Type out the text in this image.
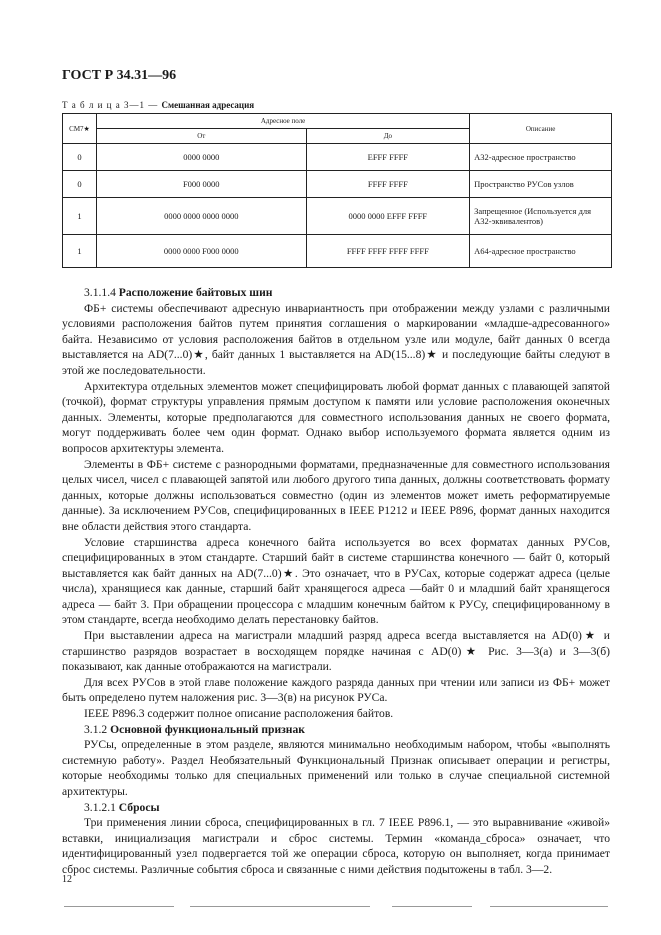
ГОСТ Р 34.31—96
Т а б л и ц а 3—1 — Смешанная адресация
СМ7★	Адресное поле		Описание
	От	До	
0	0000 0000	EFFF FFFF	A32-адресное пространство
0	F000 0000	FFFF FFFF	Пространство РУСов узлов
1	0000 0000 0000 0000	0000 0000 EFFF FFFF	Запрещенное (Используется для A32-эквивалентов)
1	0000 0000 F000 0000	FFFF FFFF FFFF FFFF	A64-адресное пространство

3.1.1.4 Расположение байтовых шин

ФБ+ системы обеспечивают адресную инвариантность при отображении между узлами с различными условиями расположения байтов путем принятия соглашения о маркировании «младше-адресованного» байта. Независимо от условия расположения байтов в отдельном узле или модуле, байт данных 0 всегда выставляется на AD(7...0)★, байт данных 1 выставляется на AD(15...8)★ и последующие байты следуют в этой же последовательности.

Архитектура отдельных элементов может специфицировать любой формат данных с плавающей запятой (точкой), формат структуры управления прямым доступом к памяти или условие расположения оконечных данных. Элементы, которые предполагаются для совместного использования данных не своего формата, могут поддерживать более чем один формат. Однако выбор используемого формата является одним из вопросов архитектуры элемента.

Элементы в ФБ+ системе с разнородными форматами, предназначенные для совместного использования целых чисел, чисел с плавающей запятой или любого другого типа данных, должны соответствовать формату данных, которые должны использоваться совместно (один из элементов может иметь реформатируемые данные). За исключением РУСов, специфицированных в IEEE P1212 и IEEE P896, формат данных находится вне области действия этого стандарта.

Условие старшинства адреса конечного байта используется во всех форматах данных РУСов, специфицированных в этом стандарте. Старший байт в системе старшинства конечного — байт 0, который выставляется как байт данных на AD(7...0)★. Это означает, что в РУСах, которые содержат адреса (целые числа), хранящиеся как данные, старший байт хранящегося адреса —байт 0 и младший байт хранящегося адреса — байт 3. При обращении процессора с младшим конечным байтом к РУСу, специфицированному в этом стандарте, всегда необходимо делать перестановку байтов.

При выставлении адреса на магистрали младший разряд адреса всегда выставляется на AD(0)★ и старшинство разрядов возрастает в восходящем порядке начиная с AD(0)★ Рис. 3—3(а) и 3—3(б) показывают, как данные отображаются на магистрали.

Для всех РУСов в этой главе положение каждого разряда данных при чтении или записи из ФБ+ может быть определено путем наложения рис. 3—3(в) на рисунок РУСа.

IEEE P896.3 содержит полное описание расположения байтов.

3.1.2 Основной функциональный признак

РУСы, определенные в этом разделе, являются минимально необходимым набором, чтобы «выполнять системную работу». Раздел Необязательный Функциональный Признак описывает операции и регистры, которые необходимы только для специальных применений или только в случае специальной системной архитектуры.

3.1.2.1 Сбросы

Три применения линии сброса, специфицированных в гл. 7 IEEE P896.1, — это выравнивание «живой» вставки, инициализация магистрали и сброс системы. Термин «команда_сброса» означает, что идентифицированный узел подвергается той же операции сброса, которую он выполняет, когда принимает сброс системы. Различные события сброса и связанные с ними действия подытожены в табл. 3—2.

12
